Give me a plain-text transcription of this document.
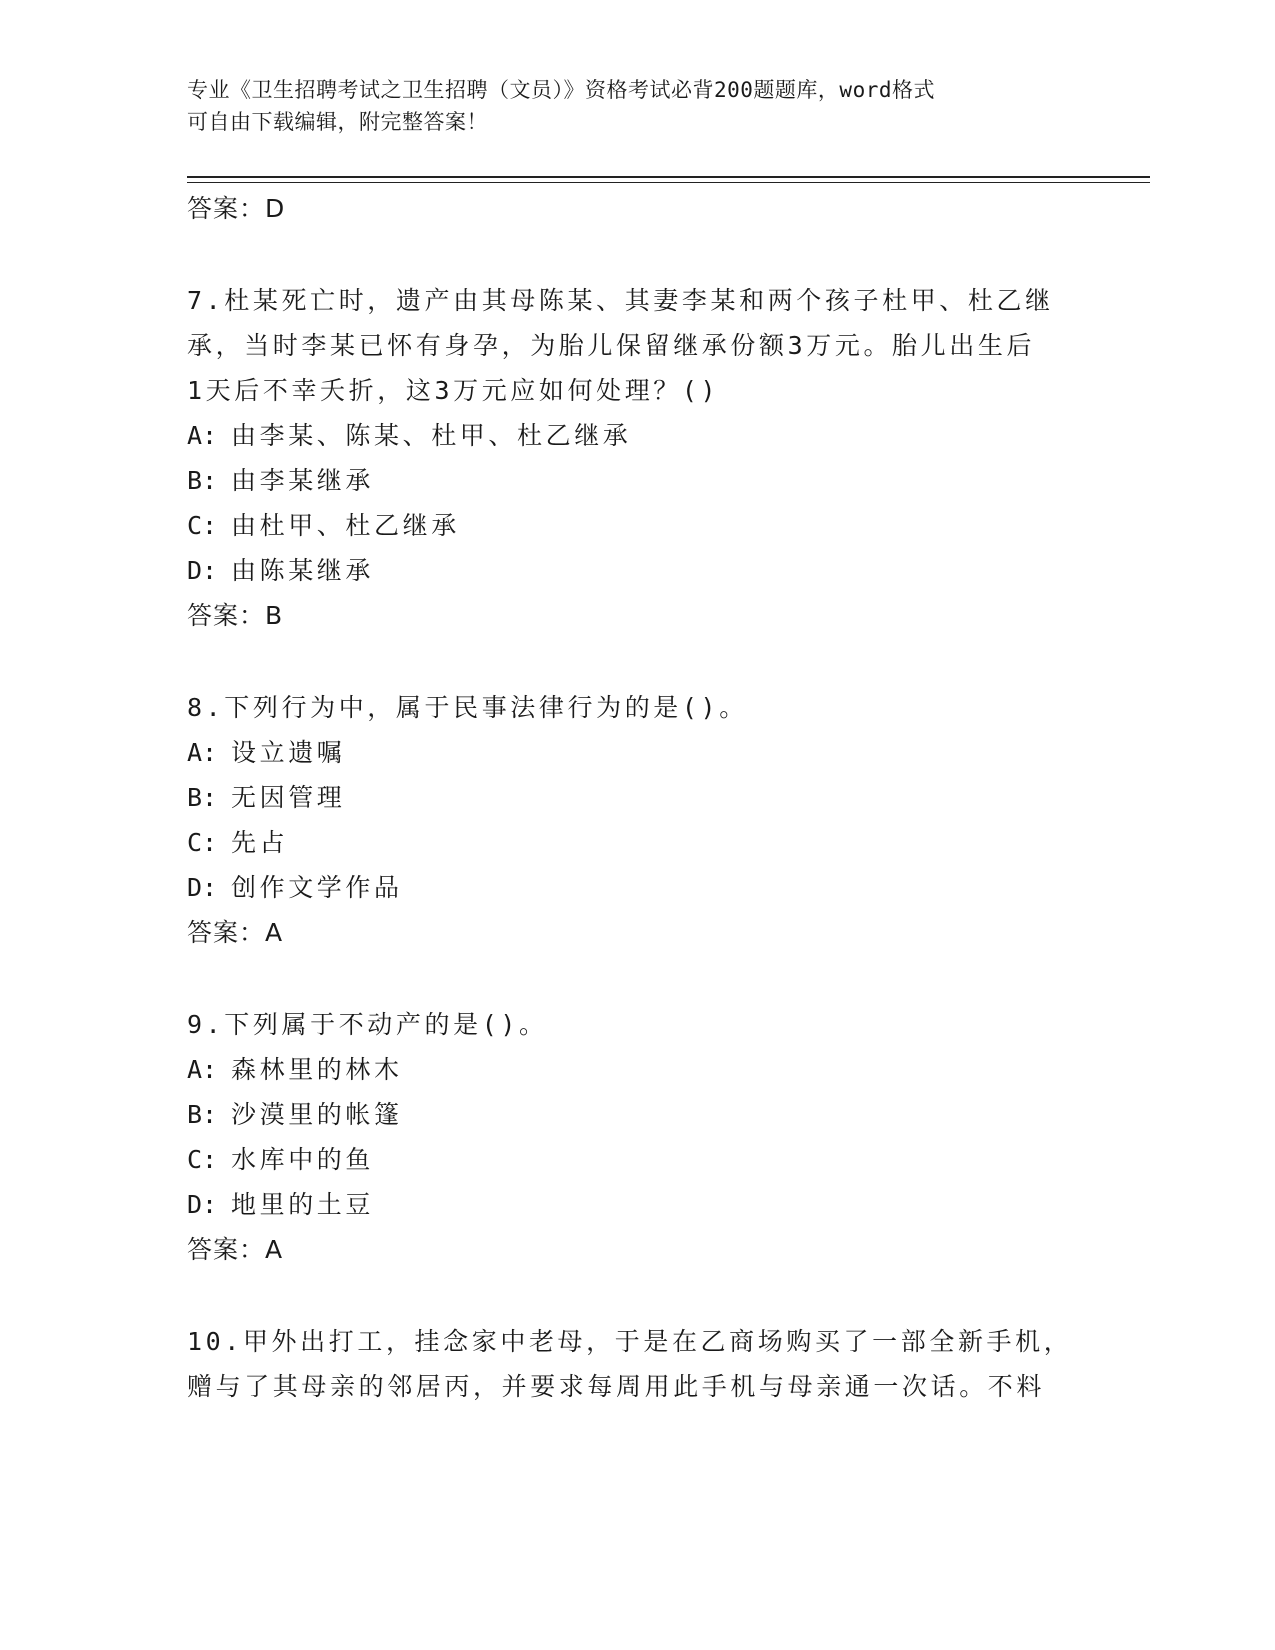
专业《卫生招聘考试之卫生招聘（文员）》资格考试必背200题题库，word格式
可自由下载编辑，附完整答案！
答案：D
7.杜某死亡时，遗产由其母陈某、其妻李某和两个孩子杜甲、杜乙继
承，当时李某已怀有身孕，为胎儿保留继承份额3万元。胎儿出生后
1天后不幸夭折，这3万元应如何处理？()
A: 由李某、陈某、杜甲、杜乙继承
B: 由李某继承
C: 由杜甲、杜乙继承
D: 由陈某继承
答案：B
8.下列行为中，属于民事法律行为的是()。
A: 设立遗嘱
B: 无因管理
C: 先占
D: 创作文学作品
答案：A
9.下列属于不动产的是()。
A: 森林里的林木
B: 沙漠里的帐篷
C: 水库中的鱼
D: 地里的土豆
答案：A
10.甲外出打工，挂念家中老母，于是在乙商场购买了一部全新手机，
赠与了其母亲的邻居丙，并要求每周用此手机与母亲通一次话。不料
